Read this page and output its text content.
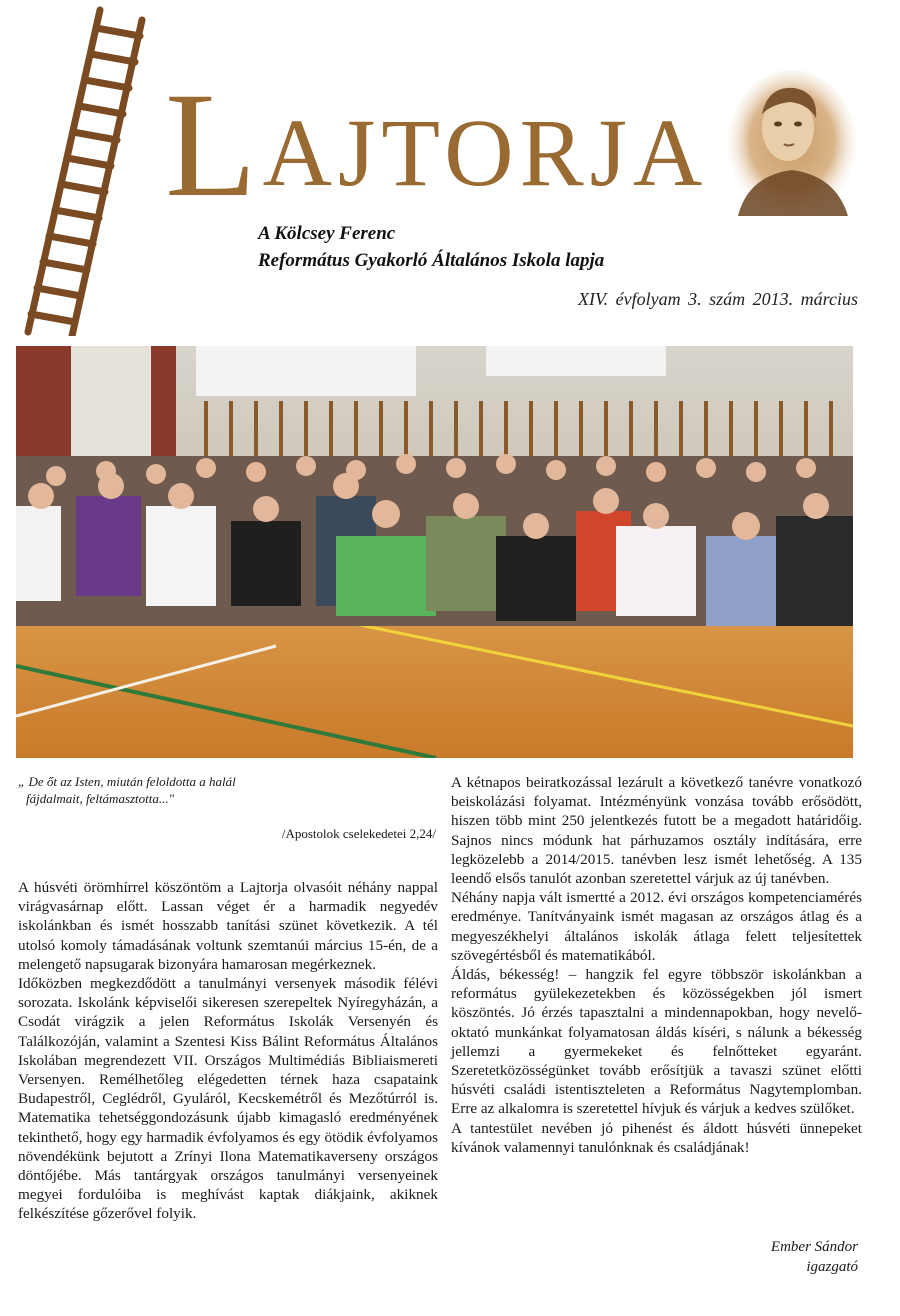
LAJTORJA
A Kölcsey Ferenc
Református Gyakorló Általános Iskola lapja
XIV. évfolyam 3. szám 2013. március
„ De őt az Isten, miután feloldotta a halál
fájdalmait, feltámasztotta..."
/Apostolok cselekedetei 2,24/

A húsvéti örömhírrel köszöntöm a Lajtorja olvasóit néhány nappal virágvasárnap előtt. Lassan véget ér a harmadik negyedév iskolánkban és ismét hosszabb tanítási szünet következik. A tél utolsó komoly támadásának voltunk szemtanúi március 15-én, de a melengető napsugarak bizonyára hamarosan megérkeznek.

Időközben megkezdődött a tanulmányi versenyek második félévi sorozata. Iskolánk képviselői sikeresen szerepeltek Nyíregyházán, a Csodát virágzik a jelen Református Iskolák Versenyén és Találkozóján, valamint a Szentesi Kiss Bálint Református Általános Iskolában megrendezett VII. Országos Multimédiás Bibliaismereti Versenyen. Remélhetőleg elégedetten térnek haza csapataink Budapestről, Ceglédről, Gyuláról, Kecskemétről és Mezőtúrról is. Matematika tehetséggondozásunk újabb kimagasló eredményének tekinthető, hogy egy harmadik évfolyamos és egy ötödik évfolyamos növendékünk bejutott a Zrínyi Ilona Matematikaverseny országos döntőjébe. Más tantárgyak országos tanulmányi versenyeinek megyei fordulóiba is meghívást kaptak diákjaink, akiknek felkészítése gőzerővel folyik.

A kétnapos beiratkozással lezárult a következő tanévre vonatkozó beiskolázási folyamat. Intézményünk vonzása tovább erősödött, hiszen több mint 250 jelentkezés futott be a megadott határidőig. Sajnos nincs módunk hat párhuzamos osztály indítására, erre legközelebb a 2014/2015. tanévben lesz ismét lehetőség. A 135 leendő elsős tanulót azonban szeretettel várjuk az új tanévben.

Néhány napja vált ismertté a 2012. évi országos kompetenciamérés eredménye. Tanítványaink ismét magasan az országos átlag és a megyeszékhelyi általános iskolák átlaga felett teljesítettek szövegértésből és matematikából.

Áldás, békesség! – hangzik fel egyre többször iskolánkban a református gyülekezetekben és közösségekben jól ismert köszöntés. Jó érzés tapasztalni a mindennapokban, hogy nevelő-oktató munkánkat folyamatosan áldás kíséri, s nálunk a békesség jellemzi a gyermekeket és felnőtteket egyaránt. Szeretetközösségünket tovább erősítjük a tavaszi szünet előtti húsvéti családi istentiszteleten a Református Nagytemplomban. Erre az alkalomra is szeretettel hívjuk és várjuk a kedves szülőket.

A tantestület nevében jó pihenést és áldott húsvéti ünnepeket kívánok valamennyi tanulónknak és családjának!

Ember Sándor
igazgató
